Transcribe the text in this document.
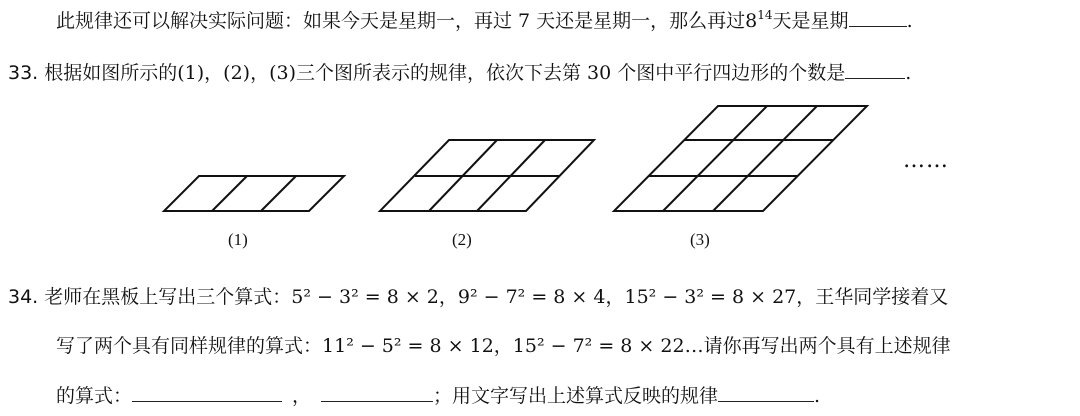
此规律还可以解决实际问题：如果今天是星期一，再过 7 天还是星期一，那么再过$8^{14}$天是星期	.
33. 根据如图所示的(1)，(2)，(3)三个图所表示的规律，依次下去第 30 个图中平行四边形的个数是	.
……
(1)	(2)	(3)
34. 老师在黑板上写出三个算式：5² − 3² = 8 × 2，9² − 7² = 8 × 4，15² − 3² = 8 × 27，王华同学接着又
写了两个具有同样规律的算式：11² − 5² = 8 × 12，15² − 7² = 8 × 22…请你再写出两个具有上述规律
的算式：	，	；用文字写出上述算式反映的规律	.
